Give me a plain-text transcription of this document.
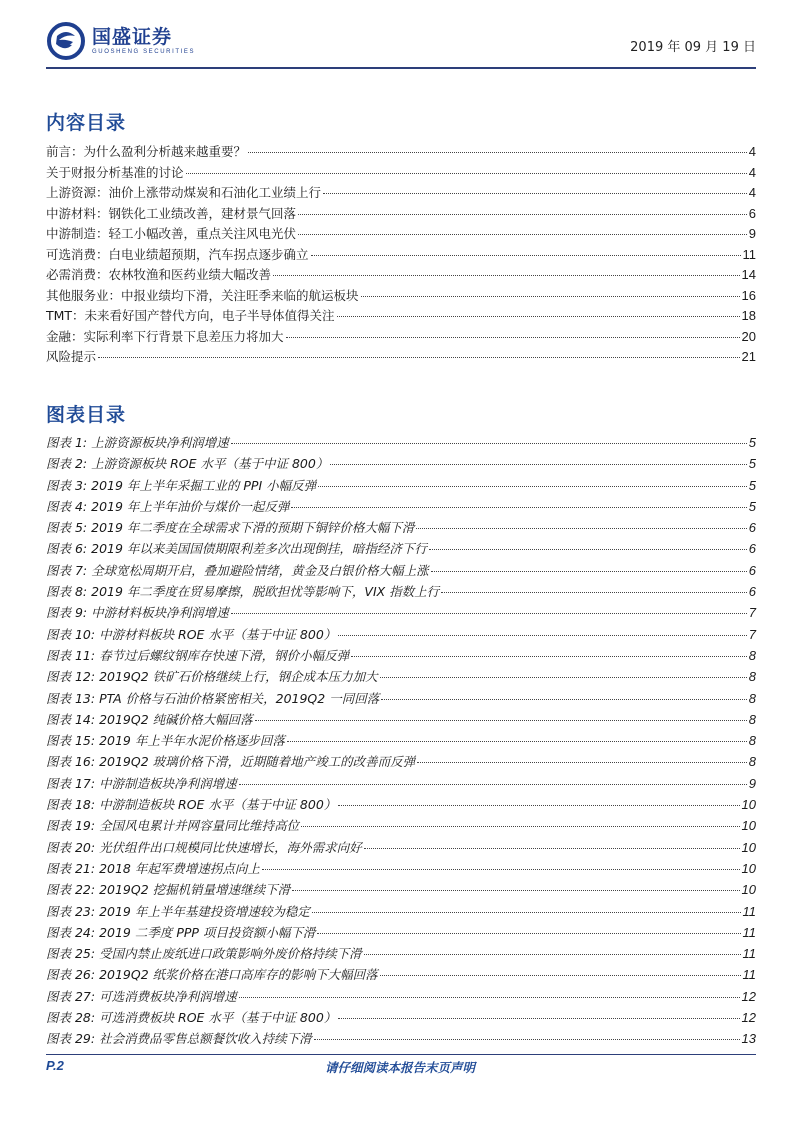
国盛证券
GUOSHENG SECURITIES	2019 年 09 月 19 日
内容目录
前言：为什么盈利分析越来越重要？	4
关于财报分析基准的讨论	4
上游资源：油价上涨带动煤炭和石油化工业绩上行	4
中游材料：钢铁化工业绩改善，建材景气回落	6
中游制造：轻工小幅改善，重点关注风电光伏	9
可选消费：白电业绩超预期，汽车拐点逐步确立	11
必需消费：农林牧渔和医药业绩大幅改善	14
其他服务业：中报业绩均下滑，关注旺季来临的航运板块	16
TMT：未来看好国产替代方向，电子半导体值得关注	18
金融：实际利率下行背景下息差压力将加大	20
风险提示	21
图表目录
图表 1: 上游资源板块净利润增速	5
图表 2: 上游资源板块 ROE 水平（基于中证 800）	5
图表 3: 2019 年上半年采掘工业的 PPI 小幅反弹	5
图表 4: 2019 年上半年油价与煤价一起反弹	5
图表 5: 2019 年二季度在全球需求下滑的预期下铜锌价格大幅下滑	6
图表 6: 2019 年以来美国国债期限利差多次出现倒挂，暗指经济下行	6
图表 7: 全球宽松周期开启，叠加避险情绪，黄金及白银价格大幅上涨	6
图表 8: 2019 年二季度在贸易摩擦，脱欧担忧等影响下，VIX 指数上行	6
图表 9: 中游材料板块净利润增速	7
图表 10: 中游材料板块 ROE 水平（基于中证 800）	7
图表 11: 春节过后螺纹钢库存快速下滑，钢价小幅反弹	8
图表 12: 2019Q2 铁矿石价格继续上行，钢企成本压力加大	8
图表 13: PTA 价格与石油价格紧密相关，2019Q2 一同回落	8
图表 14: 2019Q2 纯碱价格大幅回落	8
图表 15: 2019 年上半年水泥价格逐步回落	8
图表 16: 2019Q2 玻璃价格下滑，近期随着地产竣工的改善而反弹	8
图表 17: 中游制造板块净利润增速	9
图表 18: 中游制造板块 ROE 水平（基于中证 800）	10
图表 19: 全国风电累计并网容量同比维持高位	10
图表 20: 光伏组件出口规模同比快速增长，海外需求向好	10
图表 21: 2018 年起军费增速拐点向上	10
图表 22: 2019Q2 挖掘机销量增速继续下滑	10
图表 23: 2019 年上半年基建投资增速较为稳定	11
图表 24: 2019 二季度 PPP 项目投资额小幅下滑	11
图表 25: 受国内禁止废纸进口政策影响外废价格持续下滑	11
图表 26: 2019Q2 纸浆价格在港口高库存的影响下大幅回落	11
图表 27: 可选消费板块净利润增速	12
图表 28: 可选消费板块 ROE 水平（基于中证 800）	12
图表 29: 社会消费品零售总额餐饮收入持续下滑	13
P.2	请仔细阅读本报告末页声明
